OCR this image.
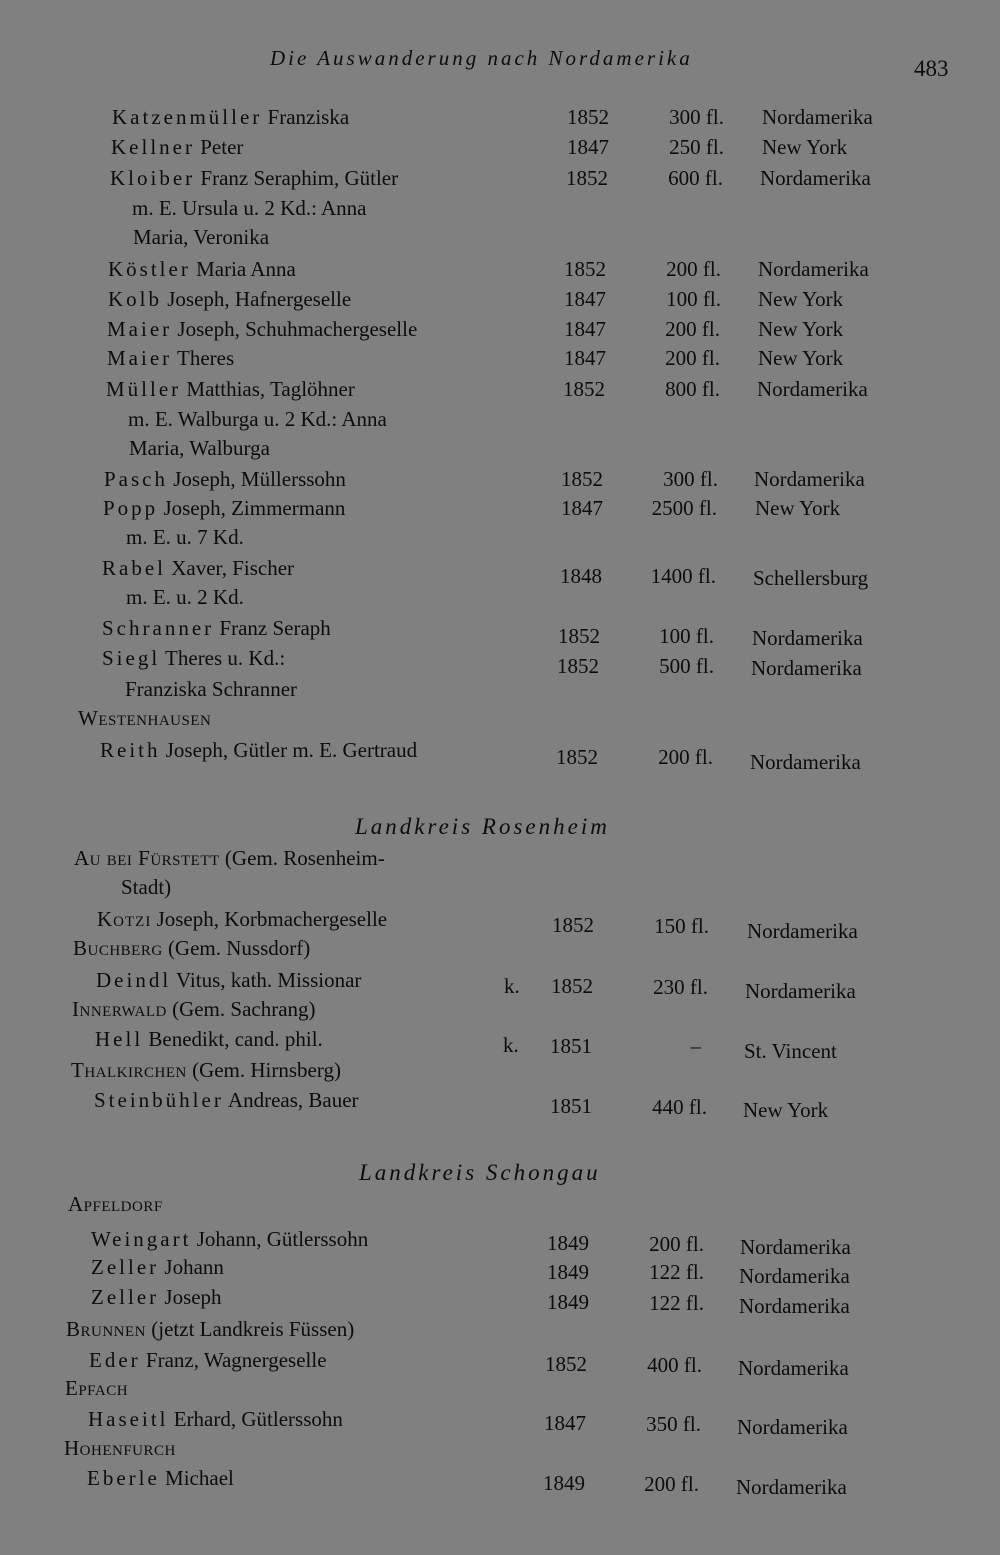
Die Auswanderung nach Nordamerika	483
Katzenmüller Franziska	1852	300 fl. Nordamerika
Kellner Peter	1847	250 fl. New York
Kloiber Franz Seraphim, Gütler	1852	600 fl. Nordamerika
m. E. Ursula u. 2 Kd.: Anna
Maria, Veronika
Köstler Maria Anna	1852	200 fl. Nordamerika
Kolb Joseph, Hafnergeselle	1847	100 fl. New York
Maier Joseph, Schuhmachergeselle	1847	200 fl. New York
Maier Theres	1847	200 fl. New York
Müller Matthias, Taglöhner	1852	800 fl. Nordamerika
m. E. Walburga u. 2 Kd.: Anna
Maria, Walburga
Pasch Joseph, Müllerssohn	1852	300 fl. Nordamerika
Popp Joseph, Zimmermann	1847	2500 fl. New York
m. E. u. 7 Kd.
Rabel Xaver, Fischer	1848	1400 fl. Schellersburg
m. E. u. 2 Kd.
Schranner Franz Seraph	1852	100 fl. Nordamerika
Siegl Theres u. Kd.:	1852	500 fl. Nordamerika
Franziska Schranner
Westenhausen
Reith Joseph, Gütler m. E. Gertraud	1852	200 fl. Nordamerika
Landkreis Rosenheim
Au bei Fürstett (Gem. Rosenheim-
Stadt)
Kotzi Joseph, Korbmachergeselle	1852	150 fl. Nordamerika
Buchberg (Gem. Nussdorf)
Deindl Vitus, kath. Missionar	k. 1852	230 fl. Nordamerika
Innerwald (Gem. Sachrang)
Hell Benedikt, cand. phil.	k. 1851	– St. Vincent
Thalkirchen (Gem. Hirnsberg)
Steinbühler Andreas, Bauer	1851	440 fl. New York
Landkreis Schongau
Apfeldorf
Weingart Johann, Gütlerssohn	1849	200 fl. Nordamerika
Zeller Johann	1849	122 fl. Nordamerika
Zeller Joseph	1849	122 fl. Nordamerika
Brunnen (jetzt Landkreis Füssen)
Eder Franz, Wagnergeselle	1852	400 fl. Nordamerika
Epfach
Haseitl Erhard, Gütlerssohn	1847	350 fl. Nordamerika
Hohenfurch
Eberle Michael	1849	200 fl. Nordamerika
